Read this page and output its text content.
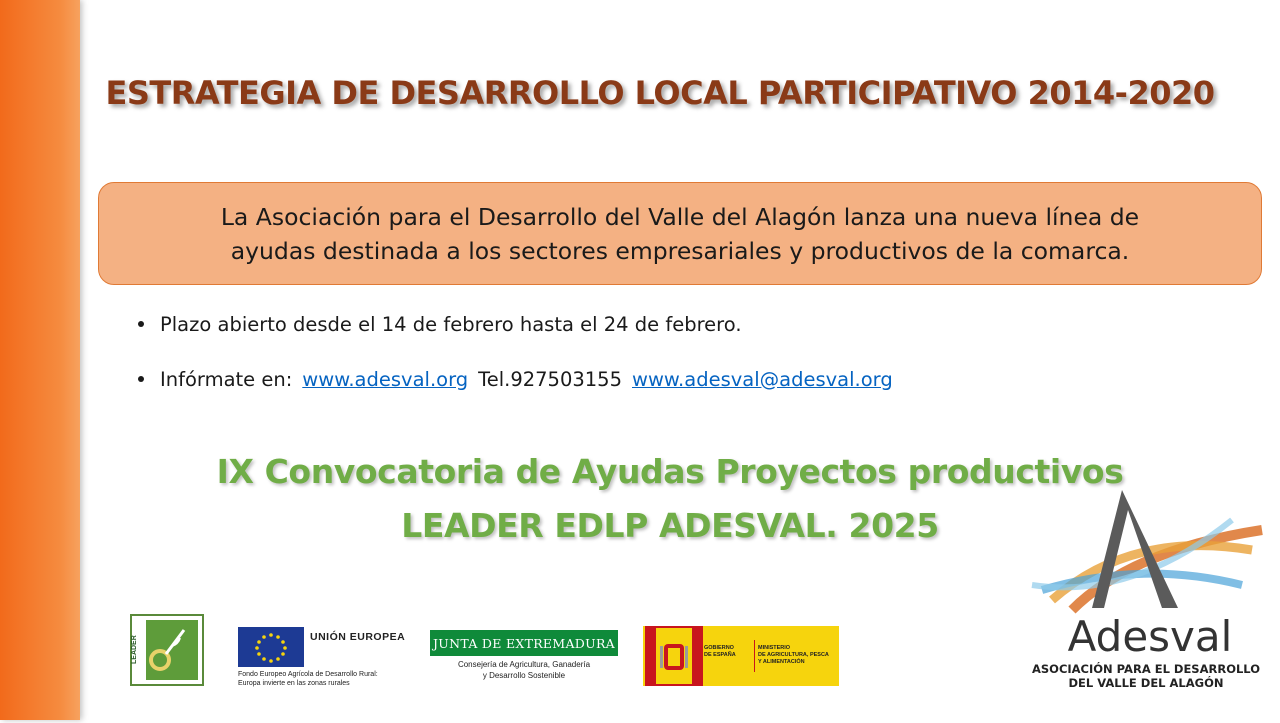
ESTRATEGIA DE DESARROLLO LOCAL PARTICIPATIVO 2014-2020
La Asociación para el Desarrollo del Valle del Alagón lanza una nueva línea de
ayudas destinada a los sectores empresariales y productivos de la comarca.
Plazo abierto desde el 14 de febrero hasta el 24 de febrero.
Infórmate en: www.adesval.org Tel.927503155 www.adesval@adesval.org
IX Convocatoria de Ayudas Proyectos productivos
LEADER EDLP ADESVAL. 2025
Adesval
ASOCIACIÓN PARA EL DESARROLLO
DEL VALLE DEL ALAGÓN
LEADER	UNIÓN EUROPEA
Fondo Europeo Agrícola de Desarrollo Rural:
Europa invierte en las zonas rurales
JUNTA DE EXTREMADURA
Consejería de Agricultura, Ganadería
y Desarrollo Sostenible
GOBIERNO
DE ESPAÑA
MINISTERIO
DE AGRICULTURA, PESCA
Y ALIMENTACIÓN
